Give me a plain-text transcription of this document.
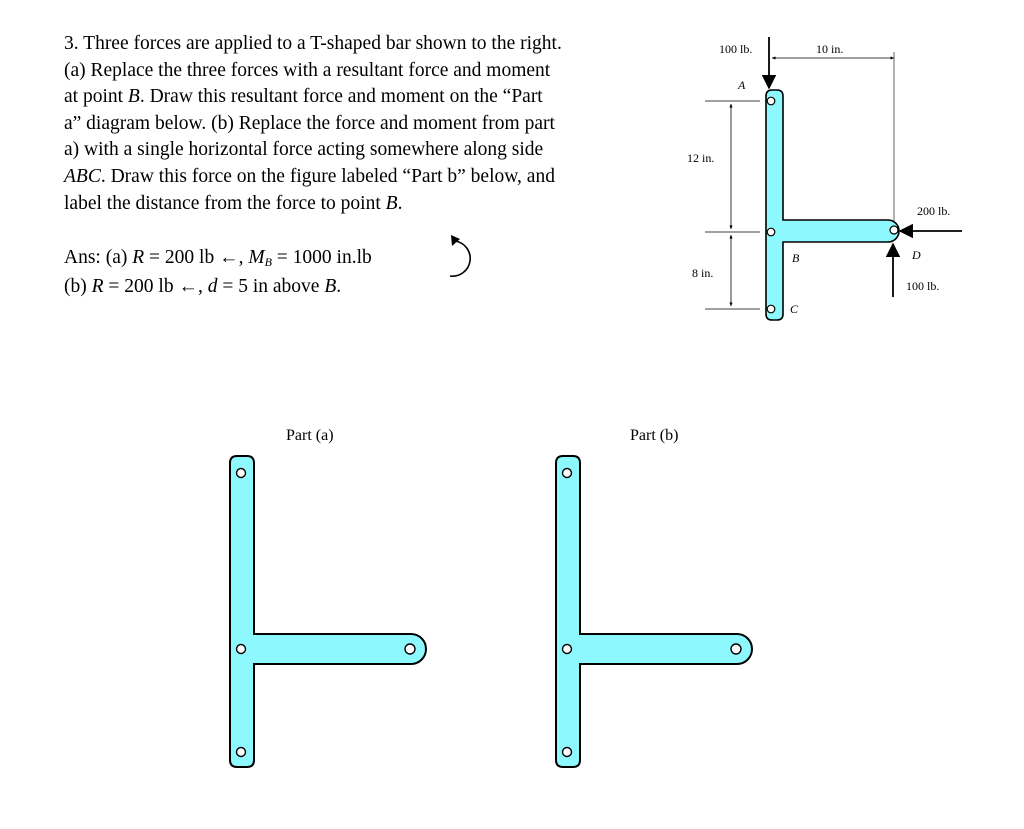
3. Three forces are applied to a T-shaped bar shown to the right.

(a) Replace the three forces with a resultant force and moment

at point B. Draw this resultant force and moment on the “Part

a” diagram below. (b) Replace the force and moment from part

a) with a single horizontal force acting somewhere along side

ABC. Draw this force on the figure labeled “Part b” below, and

label the distance from the force to point B.

Ans: (a) R = 200 lb ←, $M_B = 1000$ in.lb

(b) R = 200 lb ←, d = 5 in above B.

100 lb.	10 in.
A
12 in.
8 in.
200 lb.
100 lb.
B
C
D
Part (a)	Part (b)
